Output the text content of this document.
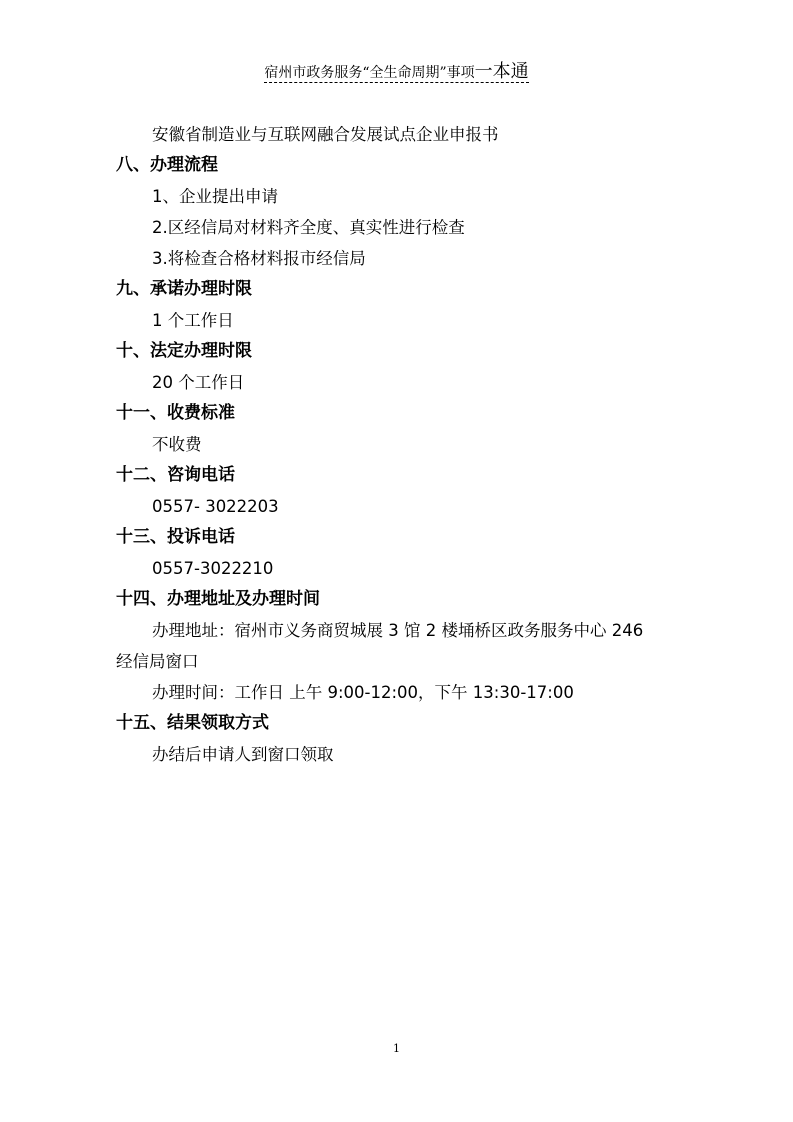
宿州市政务服务“全生命周期”事项一本通
安徽省制造业与互联网融合发展试点企业申报书
八、办理流程
1、企业提出申请
2.区经信局对材料齐全度、真实性进行检查
3.将检查合格材料报市经信局
九、承诺办理时限
1 个工作日
十、法定办理时限
20 个工作日
十一、收费标准
不收费
十二、咨询电话
0557- 3022203
十三、投诉电话
0557-3022210
十四、办理地址及办理时间
办理地址：宿州市义务商贸城展 3 馆 2 楼埇桥区政务服务中心 246
经信局窗口
办理时间：工作日 上午 9:00-12:00，下午 13:30-17:00
十五、结果领取方式
办结后申请人到窗口领取
1
